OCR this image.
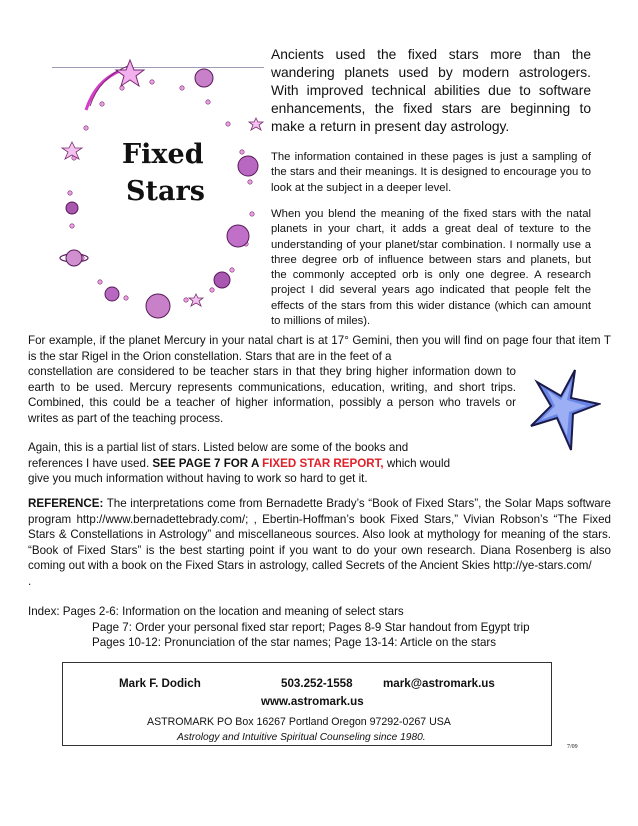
Fixed
Stars

Ancients used the fixed stars more than the wandering planets used by modern astrologers. With improved technical abilities due to software enhancements, the fixed stars are beginning to make a return in present day astrology.

The information contained in these pages is just a sampling of the stars and their meanings. It is designed to encourage you to look at the subject in a deeper level.

When you blend the meaning of the fixed stars with the natal planets in your chart, it adds a great deal of texture to the understanding of your planet/star combination. I normally use a three degree orb of influence between stars and planets, but the commonly accepted orb is only one degree. A research project I did several years ago indicated that people felt the effects of the stars from this wider distance (which can amount to millions of miles).

For example, if the planet Mercury in your natal chart is at 17° Gemini, then you will find on page four that item T is the star Rigel in the Orion constellation. Stars that are in the feet of a

constellation are considered to be teacher stars in that they bring higher information down to earth to be used. Mercury represents communications, education, writing, and short trips. Combined, this could be a teacher of higher information, possibly a person who travels or writes as part of the teaching process.

Again, this is a partial list of stars. Listed below are some of the books and

references I have used. SEE PAGE 7 FOR A FIXED STAR REPORT, which would

give you much information without having to work so hard to get it.

REFERENCE: The interpretations come from Bernadette Brady’s “Book of Fixed Stars”, the Solar Maps software program http://www.bernadettebrady.com/; , Ebertin-Hoffman’s book Fixed Stars,” Vivian Robson’s “The Fixed Stars & Constellations in Astrology” and miscellaneous sources. Also look at mythology for meaning of the stars. “Book of Fixed Stars” is the best starting point if you want to do your own research. Diana Rosenberg is also coming out with a book on the Fixed Stars in astrology, called Secrets of the Ancient Skies http://ye-stars.com/

.

Index: Pages 2-6: Information on the location and meaning of select stars
Page 7: Order your personal fixed star report; Pages 8-9 Star handout from Egypt trip
Pages 10-12: Pronunciation of the star names; Page 13-14: Article on the stars
Mark F. Dodich	503.252-1558	mark@astromark.us
www.astromark.us
ASTROMARK PO Box 16267 Portland Oregon 97292-0267 USA
Astrology and Intuitive Spiritual Counseling since 1980.
7/09
